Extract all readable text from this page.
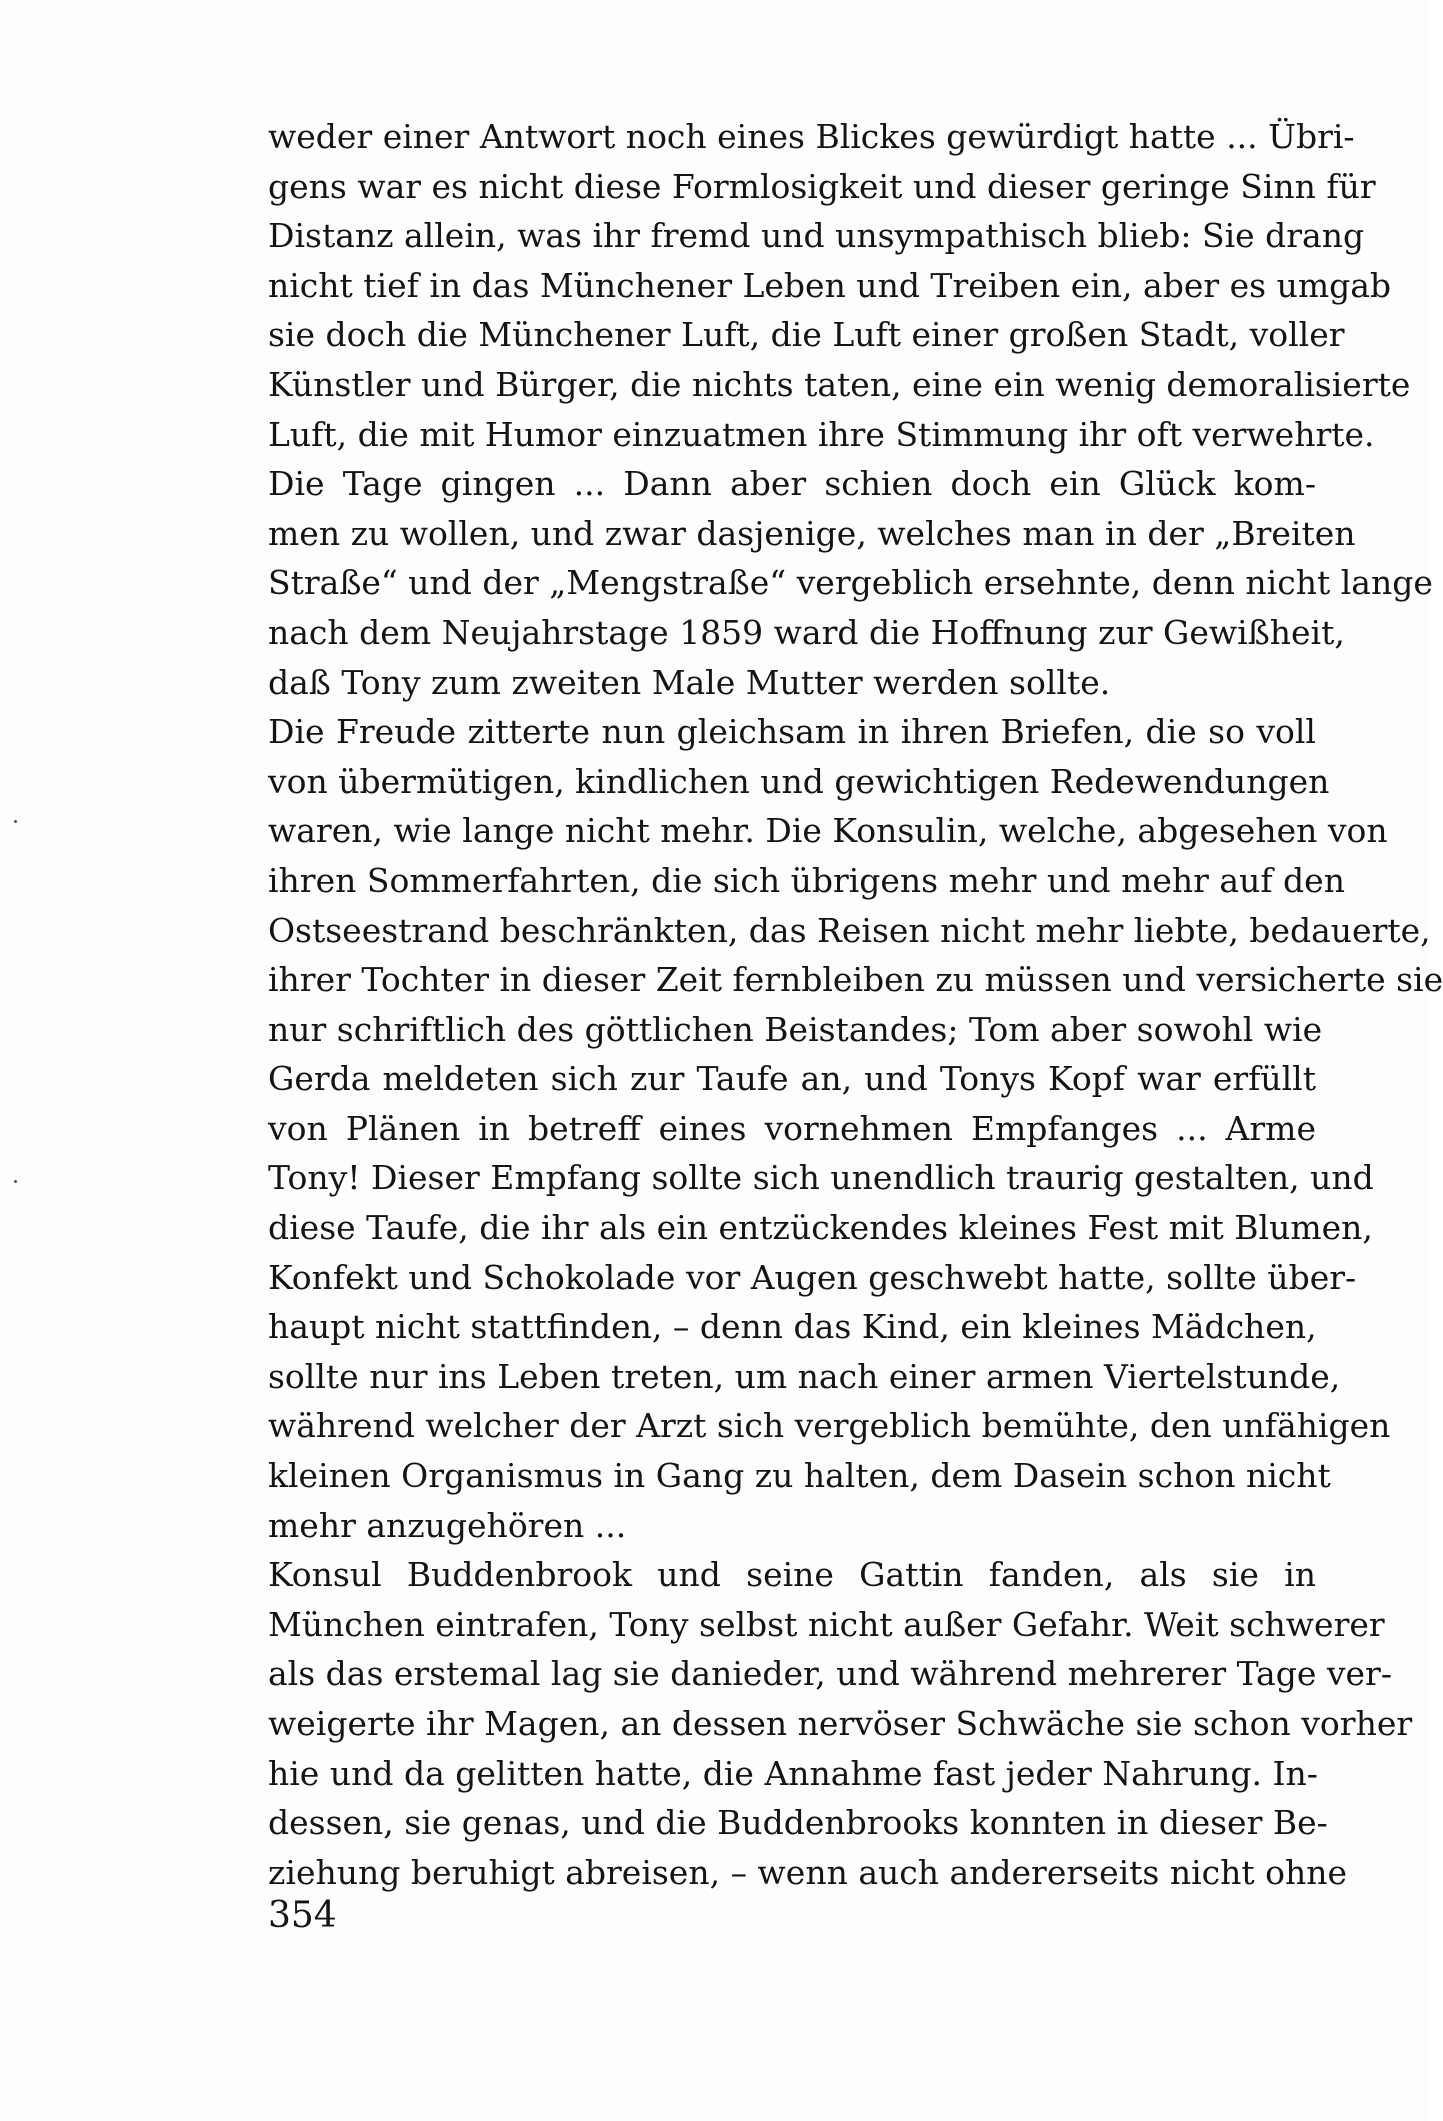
weder einer Antwort noch eines Blickes gewürdigt hatte ... Übri-
gens war es nicht diese Formlosigkeit und dieser geringe Sinn für
Distanz allein, was ihr fremd und unsympathisch blieb: Sie drang
nicht tief in das Münchener Leben und Treiben ein, aber es umgab
sie doch die Münchener Luft, die Luft einer großen Stadt, voller
Künstler und Bürger, die nichts taten, eine ein wenig demoralisierte
Luft, die mit Humor einzuatmen ihre Stimmung ihr oft verwehrte.
Die Tage gingen ... Dann aber schien doch ein Glück kom-
men zu wollen, und zwar dasjenige, welches man in der „Breiten
Straße“ und der „Mengstraße“ vergeblich ersehnte, denn nicht lange
nach dem Neujahrstage 1859 ward die Hoffnung zur Gewißheit,
daß Tony zum zweiten Male Mutter werden sollte.
Die Freude zitterte nun gleichsam in ihren Briefen, die so voll
von übermütigen, kindlichen und gewichtigen Redewendungen
waren, wie lange nicht mehr. Die Konsulin, welche, abgesehen von
ihren Sommerfahrten, die sich übrigens mehr und mehr auf den
Ostseestrand beschränkten, das Reisen nicht mehr liebte, bedauerte,
ihrer Tochter in dieser Zeit fernbleiben zu müssen und versicherte sie
nur schriftlich des göttlichen Beistandes; Tom aber sowohl wie
Gerda meldeten sich zur Taufe an, und Tonys Kopf war erfüllt
von Plänen in betreff eines vornehmen Empfanges ... Arme
Tony! Dieser Empfang sollte sich unendlich traurig gestalten, und
diese Taufe, die ihr als ein entzückendes kleines Fest mit Blumen,
Konfekt und Schokolade vor Augen geschwebt hatte, sollte über-
haupt nicht stattfinden, – denn das Kind, ein kleines Mädchen,
sollte nur ins Leben treten, um nach einer armen Viertelstunde,
während welcher der Arzt sich vergeblich bemühte, den unfähigen
kleinen Organismus in Gang zu halten, dem Dasein schon nicht
mehr anzugehören ...
Konsul Buddenbrook und seine Gattin fanden, als sie in
München eintrafen, Tony selbst nicht außer Gefahr. Weit schwerer
als das erstemal lag sie danieder, und während mehrerer Tage ver-
weigerte ihr Magen, an dessen nervöser Schwäche sie schon vorher
hie und da gelitten hatte, die Annahme fast jeder Nahrung. In-
dessen, sie genas, und die Buddenbrooks konnten in dieser Be-
ziehung beruhigt abreisen, – wenn auch andererseits nicht ohne
354
